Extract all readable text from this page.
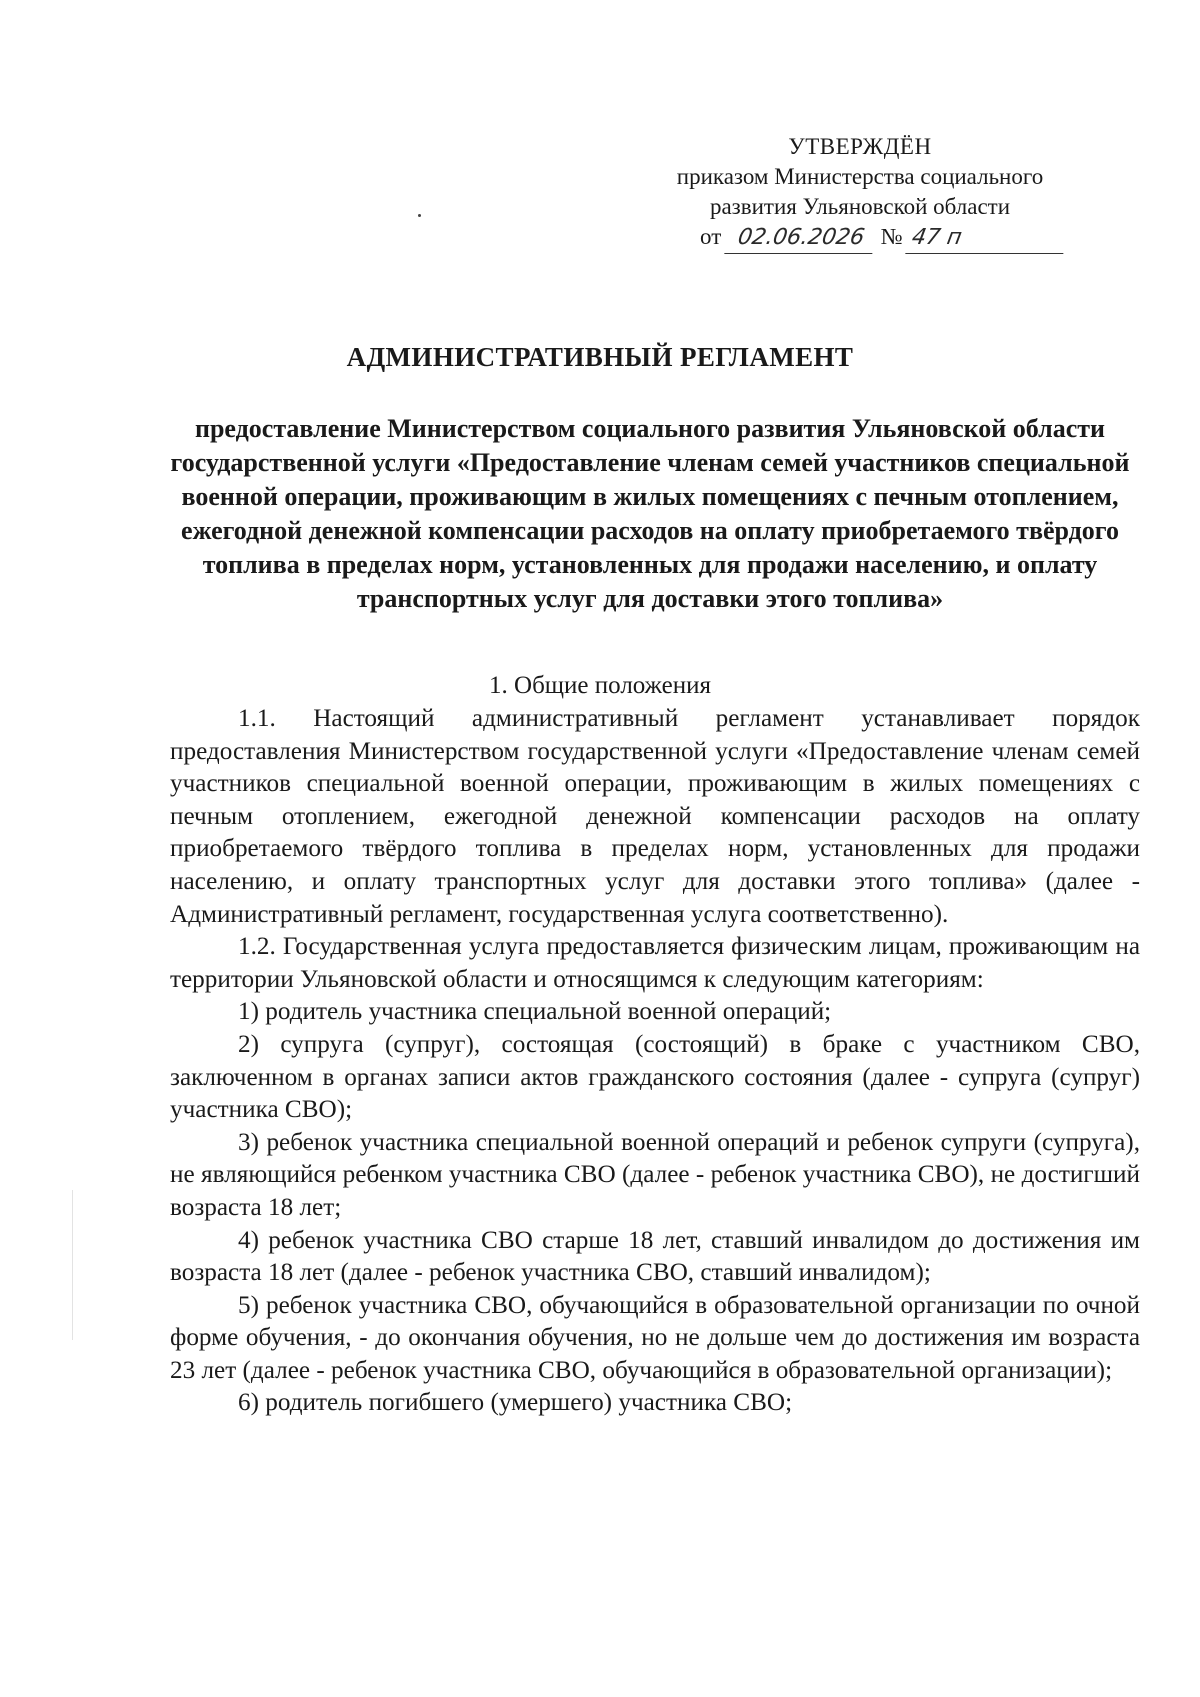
УТВЕРЖДЁН
приказом Министерства социального
развития Ульяновской области
от 02.06.2026 № 47 п
АДМИНИСТРАТИВНЫЙ РЕГЛАМЕНТ
предоставление Министерством социального развития Ульяновской области государственной услуги «Предоставление членам семей участников специальной военной операции, проживающим в жилых помещениях с печным отоплением, ежегодной денежной компенсации расходов на оплату приобретаемого твёрдого топлива в пределах норм, установленных для продажи населению, и оплату транспортных услуг для доставки этого топлива»
1. Общие положения

1.1. Настоящий административный регламент устанавливает порядок предоставления Министерством государственной услуги «Предоставление членам семей участников специальной военной операции, проживающим в жилых помещениях с печным отоплением, ежегодной денежной компенсации расходов на оплату приобретаемого твёрдого топлива в пределах норм, установленных для продажи населению, и оплату транспортных услуг для доставки этого топлива» (далее - Административный регламент, государственная услуга соответственно).

1.2. Государственная услуга предоставляется физическим лицам, проживающим на территории Ульяновской области и относящимся к следующим категориям:

1) родитель участника специальной военной операций;

2) супруга (супруг), состоящая (состоящий) в браке с участником СВО, заключенном в органах записи актов гражданского состояния (далее - супруга (супруг) участника СВО);

3) ребенок участника специальной военной операций и ребенок супруги (супруга), не являющийся ребенком участника СВО (далее - ребенок участника СВО), не достигший возраста 18 лет;

4) ребенок участника СВО старше 18 лет, ставший инвалидом до достижения им возраста 18 лет (далее - ребенок участника СВО, ставший инвалидом);

5) ребенок участника СВО, обучающийся в образовательной организации по очной форме обучения, - до окончания обучения, но не дольше чем до достижения им возраста 23 лет (далее - ребенок участника СВО, обучающийся в образовательной организации);

6) родитель погибшего (умершего) участника СВО;
